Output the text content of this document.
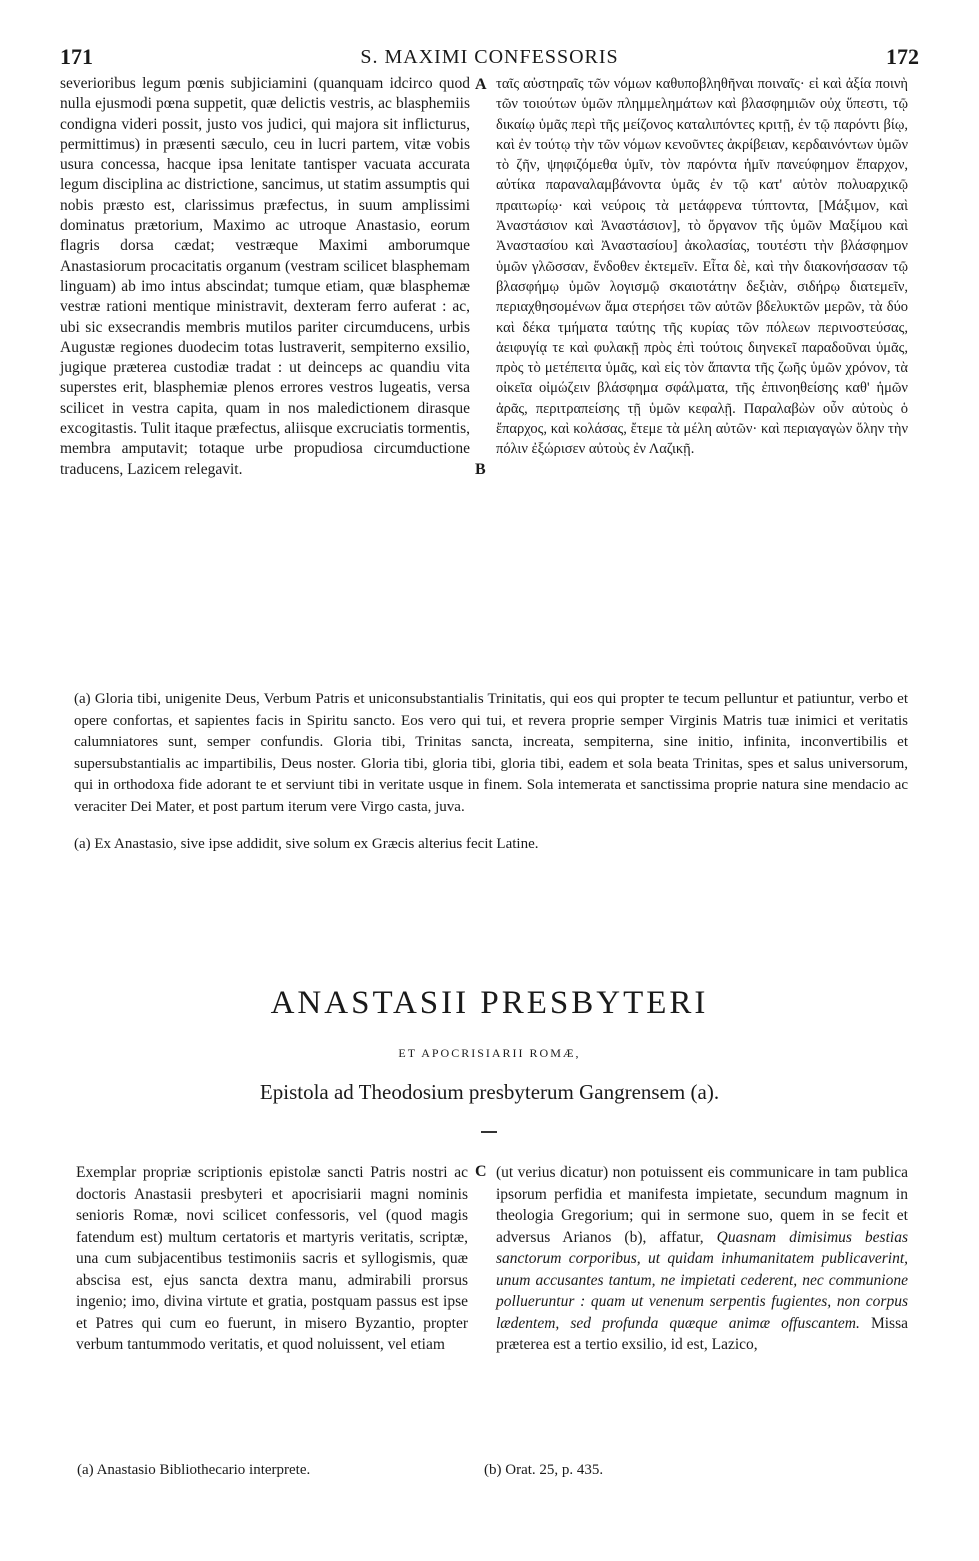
171	S. MAXIMI CONFESSORIS	172

severioribus legum pœnis subjiciamini (quanquam idcirco quod nulla ejusmodi pœna suppetit, quæ delictis vestris, ac blasphemiis condigna videri possit, justo vos judici, qui majora sit inflicturus, permittimus) in præsenti sæculo, ceu in lucri partem, vitæ vobis usura concessa, hacque ipsa lenitate tantisper vacuata accurata legum disciplina ac districtione, sancimus, ut statim assumptis qui nobis præsto est, clarissimus præfectus, in suum amplissimi dominatus prætorium, Maximo ac utroque Anastasio, eorum flagris dorsa cædat; vestræque Maximi amborumque Anastasiorum procacitatis organum (vestram scilicet blasphemam linguam) ab imo intus abscindat; tumque etiam, quæ blasphemæ vestræ rationi mentique ministravit, dexteram ferro auferat : ac, ubi sic exsecrandis membris mutilos pariter circumducens, urbis Augustæ regiones duodecim totas lustraverit, sempiterno exsilio, jugique præterea custodiæ tradat : ut deinceps ac quandiu vita superstes erit, blasphemiæ plenos errores vestros lugeatis, versa scilicet in vestra capita, quam in nos maledictionem dirasque excogitastis. Tulit itaque præfectus, aliisque excruciatis tormentis, membra amputavit; totaque urbe propudiosa circumductione traducens, Lazicem relegavit.

A
B

ταῖς αὐστηραῖς τῶν νόμων καθυποβληθῆναι ποιναῖς· εἰ καὶ ἀξία ποινὴ τῶν τοιούτων ὑμῶν πλημμελημάτων καὶ βλασφημιῶν οὐχ ὕπεστι, τῷ δικαίῳ ὑμᾶς περὶ τῆς μείζονος καταλιπόντες κριτῇ, ἐν τῷ παρόντι βίῳ, καὶ ἐν τούτῳ τὴν τῶν νόμων κενοῦντες ἀκρίβειαν, κερδαινόντων ὑμῶν τὸ ζῆν, ψηφιζόμεθα ὑμῖν, τὸν παρόντα ἡμῖν πανεύφημον ἔπαρχον, αὐτίκα παραναλαμβάνοντα ὑμᾶς ἐν τῷ κατ' αὐτὸν πολυαρχικῷ πραιτωρίῳ· καὶ νεύροις τὰ μετάφρενα τύπτοντα, [Μάξιμον, καὶ Ἀναστάσιον καὶ Ἀναστάσιον], τὸ ὄργανον τῆς ὑμῶν Μαξίμου καὶ Ἀναστασίου καὶ Ἀναστασίου] ἀκολασίας, τουτέστι τὴν βλάσφημον ὑμῶν γλῶσσαν, ἔνδοθεν ἐκτεμεῖν. Εἶτα δὲ, καὶ τὴν διακονήσασαν τῷ βλασφήμῳ ὑμῶν λογισμῷ σκαιοτάτην δεξιὰν, σιδήρῳ διατεμεῖν, περιαχθησομένων ἅμα στερήσει τῶν αὐτῶν βδελυκτῶν μερῶν, τὰ δύο καὶ δέκα τμήματα ταύτης τῆς κυρίας τῶν πόλεων περινοστεύσας, ἀειφυγίᾳ τε καὶ φυλακῇ πρὸς ἐπὶ τούτοις διηνεκεῖ παραδοῦναι ὑμᾶς, πρὸς τὸ μετέπειτα ὑμᾶς, καὶ εἰς τὸν ἅπαντα τῆς ζωῆς ὑμῶν χρόνον, τὰ οἰκεῖα οἰμώζειν βλάσφημα σφάλματα, τῆς ἐπινοηθείσης καθ' ἡμῶν ἀρᾶς, περιτραπείσης τῇ ὑμῶν κεφαλῇ. Παραλαβὼν οὖν αὐτοὺς ὁ ἔπαρχος, καὶ κολάσας, ἔτεμε τὰ μέλη αὐτῶν· καὶ περιαγαγὼν ὅλην τὴν πόλιν ἐξώρισεν αὐτοὺς ἐν Λαζικῇ.

(a) Gloria tibi, unigenite Deus, Verbum Patris et uniconsubstantialis Trinitatis, qui eos qui propter te tecum pelluntur et patiuntur, verbo et opere confortas, et sapientes facis in Spiritu sancto. Eos vero qui tui, et revera proprie semper Virginis Matris tuæ inimici et veritatis calumniatores sunt, semper confundis. Gloria tibi, Trinitas sancta, increata, sempiterna, sine initio, infinita, inconvertibilis et supersubstantialis ac impartibilis, Deus noster. Gloria tibi, gloria tibi, gloria tibi, eadem et sola beata Trinitas, spes et salus universorum, qui in orthodoxa fide adorant te et serviunt tibi in veritate usque in finem. Sola intemerata et sanctissima proprie natura sine mendacio ac veraciter Dei Mater, et post partum iterum vere Virgo casta, juva.

(a) Ex Anastasio, sive ipse addidit, sive solum ex Græcis alterius fecit Latine.

ANASTASII PRESBYTERI
ET APOCRISIARII ROMÆ,
Epistola ad Theodosium presbyterum Gangrensem (a).

Exemplar propriæ scriptionis epistolæ sancti Patris nostri ac doctoris Anastasii presbyteri et apocrisiarii magni nominis senioris Romæ, novi scilicet confessoris, vel (quod magis fatendum est) multum certatoris et martyris veritatis, scriptæ, una cum subjacentibus testimoniis sacris et syllogismis, quæ abscisa est, ejus sancta dextra manu, admirabili prorsus ingenio; imo, divina virtute et gratia, postquam passus est ipse et Patres qui cum eo fuerunt, in misero Byzantio, propter verbum tantummodo veritatis, et quod noluissent, vel etiam

C (ut verius dicatur) non potuissent eis communicare in tam publica ipsorum perfidia et manifesta impietate, secundum magnum in theologia Gregorium; qui in sermone suo, quem in se fecit et adversus Arianos (b), affatur, Quasnam dimisimus bestias sanctorum corporibus, ut quidam inhumanitatem publicaverint, unum accusantes tantum, ne impietati cederent, nec communione pollueruntur : quam ut venenum serpentis fugientes, non corpus lædentem, sed profunda quæque animæ offuscantem. Missa præterea est a tertio exsilio, id est, Lazico,

(a) Anastasio Bibliothecario interprete.	(b) Orat. 25, p. 435.
